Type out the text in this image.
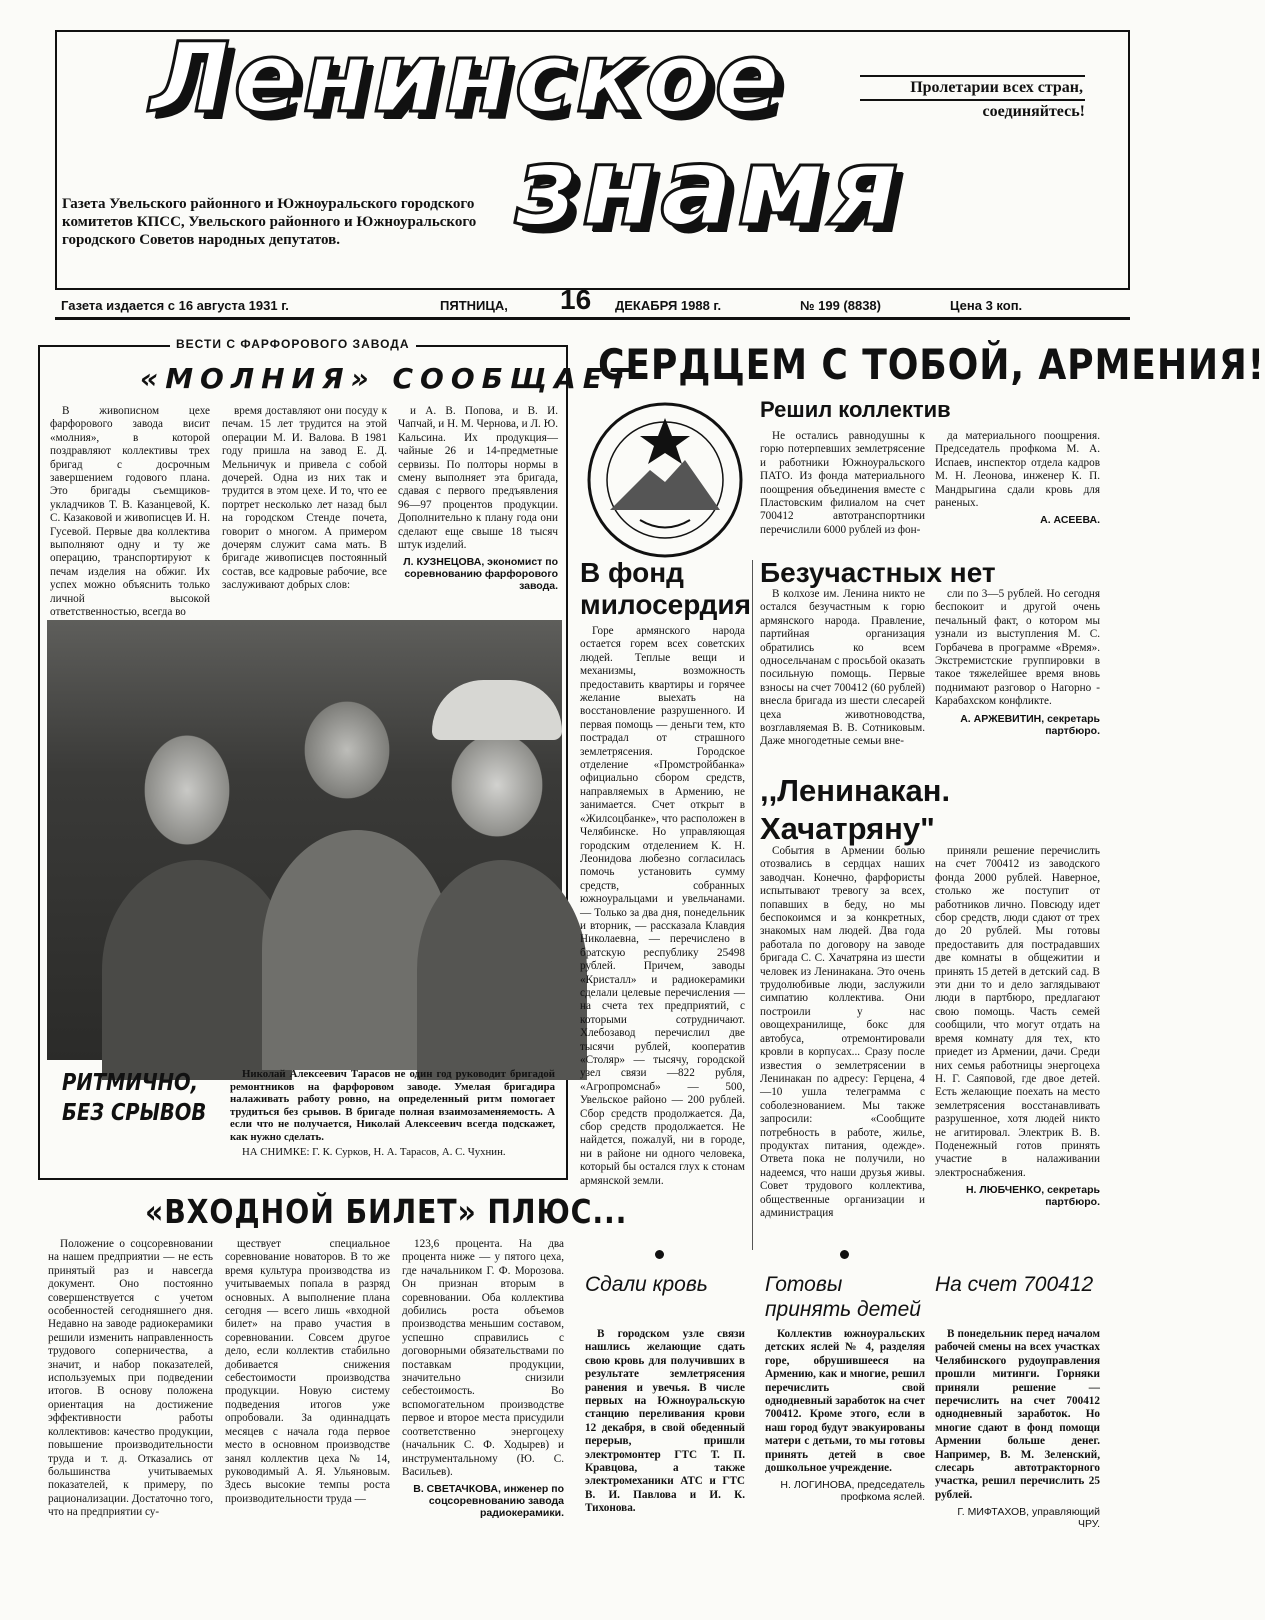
Ленинское
знамя
Пролетарии всех стран,
соединяйтесь!
Газета Увельского районного и Южноуральского городского комитетов КПСС, Увельского районного и Южноуральского городского Советов народных депутатов.
Газета издается с 16 августа 1931 г.	ПЯТНИЦА, 16 ДЕКАБРЯ 1988 г.	№ 199 (8838)	Цена 3 коп.
ВЕСТИ С ФАРФОРОВОГО ЗАВОДА
«МОЛНИЯ» СООБЩАЕТ

В живописном цехе фарфорового завода висит «молния», в которой поздравляют коллективы трех бригад с досрочным завершением годового плана. Это бригады съемщиков-укладчиков Т. В. Казанцевой, К. С. Казаковой и живописцев И. Н. Гусевой. Первые два коллектива выполняют одну и ту же операцию, транспортируют к печам изделия на обжиг. Их успех можно объяснить только личной высокой ответственностью, всегда во

время доставляют они посуду к печам. 15 лет трудится на этой операции М. И. Валова. В 1981 году пришла на завод Е. Д. Мельничук и привела с собой дочерей. Одна из них так и трудится в этом цехе. И то, что ее портрет несколько лет назад был на городском Стенде почета, говорит о многом. А примером дочерям служит сама мать. В бригаде живописцев постоянный состав, все кадровые рабочие, все заслуживают добрых слов:

и А. В. Попова, и В. И. Чапчай, и Н. М. Чернова, и Л. Ю. Кальсина. Их продукция—чайные 26 и 14-предметные сервизы. По полторы нормы в смену выполняет эта бригада, сдавая с первого предъявления 96—97 процентов продукции. Дополнительно к плану года они сделают еще свыше 18 тысяч штук изделий.

Л. КУЗНЕЦОВА, экономист по соревнованию фарфорового завода.
РИТМИЧНО, БЕЗ СРЫВОВ

Николай Алексеевич Тарасов не один год руководит бригадой ремонтников на фарфоровом заводе. Умелая бригадира налаживать работу ровно, на определенный ритм помогает трудиться без срывов. В бригаде полная взаимозаменяемость. А если что не получается, Николай Алексеевич всегда подскажет, как нужно сделать.

НА СНИМКЕ: Г. К. Сурков, Н. А. Тарасов, А. С. Чухнин.

«ВХОДНОЙ БИЛЕТ» ПЛЮС...

Положение о соцсоревновании на нашем предприятии — не есть принятый раз и навсегда документ. Оно постоянно совершенствуется с учетом особенностей сегодняшнего дня. Недавно на заводе радиокерамики решили изменить направленность трудового соперничества, а значит, и набор показателей, используемых при подведении итогов. В основу положена ориентация на достижение эффективности работы коллективов: качество продукции, повышение производительности труда и т. д. Отказались от большинства учитываемых показателей, к примеру, по рационализации. Достаточно того, что на предприятии су-

ществует специальное соревнование новаторов. В то же время культура производства из учитываемых попала в разряд основных. А выполнение плана сегодня — всего лишь «входной билет» на право участия в соревновании. Совсем другое дело, если коллектив стабильно добивается снижения себестоимости производства продукции. Новую систему подведения итогов уже опробовали. За одиннадцать месяцев с начала года первое место в основном производстве занял коллектив цеха № 14, руководимый А. Я. Ульяновым. Здесь высокие темпы роста производительности труда —

123,6 процента. На два процента ниже — у пятого цеха, где начальником Г. Ф. Морозова. Он признан вторым в соревновании. Оба коллектива добились роста объемов производства меньшим составом, успешно справились с договорными обязательствами по поставкам продукции, значительно снизили себестоимость. Во вспомогательном производстве первое и второе места присудили соответственно энергоцеху (начальник С. Ф. Ходырев) и инструментальному (Ю. С. Васильев).

В. СВЕТАЧКОВА, инженер по соцсоревнованию завода радиокерамики.
СЕРДЦЕМ С ТОБОЙ, АРМЕНИЯ!
Решил коллектив

Не остались равнодушны к горю потерпевших землетрясение и работники Южноуральского ПАТО. Из фонда материального поощрения объединения вместе с Пластовским филиалом на счет 700412 автотранспортники перечислили 6000 рублей из фон-

да материального поощрения. Председатель профкома М. А. Испаев, инспектор отдела кадров М. Н. Леонова, инженер К. П. Мандрыгина сдали кровь для раненых.

А. АСЕЕВА.
В фонд милосердия

Горе армянского народа остается горем всех советских людей. Теплые вещи и механизмы, возможность предоставить квартиры и горячее желание выехать на восстановление разрушенного. И первая помощь — деньги тем, кто пострадал от страшного землетрясения. Городское отделение «Промстройбанка» официально сбором средств, направляемых в Армению, не занимается. Счет открыт в «Жилсоцбанке», что расположен в Челябинске. Но управляющая городским отделением К. Н. Леонидова любезно согласилась помочь установить сумму средств, собранных южноуральцами и увельчанами. — Только за два дня, понедельник и вторник, — рассказала Клавдия Николаевна, — перечислено в братскую республику 25498 рублей. Причем, заводы «Кристалл» и радиокерамики сделали целевые перечисления — на счета тех предприятий, с которыми сотрудничают. Хлебозавод перечислил две тысячи рублей, кооператив «Столяр» — тысячу, городской узел связи —822 рубля, «Агропромснаб» — 500, Увельское районо — 200 рублей. Сбор средств продолжается. Да, сбор средств продолжается. Не найдется, пожалуй, ни в городе, ни в районе ни одного человека, который бы остался глух к стонам армянской земли.

Безучастных нет

В колхозе им. Ленина никто не остался безучастным к горю армянского народа. Правление, партийная организация обратились ко всем односельчанам с просьбой оказать посильную помощь. Первые взносы на счет 700412 (60 рублей) внесла бригада из шести слесарей цеха животноводства, возглавляемая В. В. Сотниковым. Даже многодетные семьи вне-

сли по 3—5 рублей. Но сегодня беспокоит и другой очень печальный факт, о котором мы узнали из выступления М. С. Горбачева в программе «Время». Экстремистские группировки в такое тяжелейшее время вновь поднимают разговор о Нагорно - Карабахском конфликте.

А. АРЖЕВИТИН, секретарь партбюро.
,,Ленинакан. Хачатряну"

События в Армении болью отозвались в сердцах наших заводчан. Конечно, фарфористы испытывают тревогу за всех, попавших в беду, но мы беспокоимся и за конкретных, знакомых нам людей. Два года работала по договору на заводе бригада С. С. Хачатряна из шести человек из Ленинакана. Это очень трудолюбивые люди, заслужили симпатию коллектива. Они построили у нас овощехранилище, бокс для автобуса, отремонтировали кровли в корпусах... Сразу после известия о землетрясении в Ленинакан по адресу: Герцена, 4—10 ушла телеграмма с соболезнованием. Мы также запросили: «Сообщите потребность в работе, жилье, продуктах питания, одежде». Ответа пока не получили, но надеемся, что наши друзья живы. Совет трудового коллектива, общественные организации и администрация

приняли решение перечислить на счет 700412 из заводского фонда 2000 рублей. Наверное, столько же поступит от работников лично. Повсюду идет сбор средств, люди сдают от трех до 20 рублей. Мы готовы предоставить для пострадавших две комнаты в общежитии и принять 15 детей в детский сад. В эти дни то и дело заглядывают люди в партбюро, предлагают свою помощь. Часть семей сообщили, что могут отдать на время комнату для тех, кто приедет из Армении, дачи. Среди них семья работницы энергоцеха Н. Г. Саяповой, где двое детей. Есть желающие поехать на место землетрясения восстанавливать разрушенное, хотя людей никто не агитировал. Электрик В. В. Поденежный готов принять участие в налаживании электроснабжения.

Н. ЛЮБЧЕНКО, секретарь партбюро.
Сдали кровь

В городском узле связи нашлись желающие сдать свою кровь для получивших в результате землетрясения ранения и увечья. В числе первых на Южноуральскую станцию переливания крови 12 декабря, в свой обеденный перерыв, пришли электромонтер ГТС Т. П. Кравцова, а также электромеханики АТС и ГТС В. И. Павлова и И. К. Тихонова.

Готовы принять детей

Коллектив южноуральских детских яслей № 4, разделяя горе, обрушившееся на Армению, как и многие, решил перечислить свой однодневный заработок на счет 700412. Кроме этого, если в наш город будут эвакуированы матери с детьми, то мы готовы принять детей в свое дошкольное учреждение.

Н. ЛОГИНОВА, председатель профкома яслей.
На счет 700412

В понедельник перед началом рабочей смены на всех участках Челябинского рудоуправления прошли митинги. Горняки приняли решение — перечислить на счет 700412 однодневный заработок. Но многие сдают в фонд помощи Армении больше денег. Например, В. М. Зеленский, слесарь автотракторного участка, решил перечислить 25 рублей.

Г. МИФТАХОВ, управляющий ЧРУ.
